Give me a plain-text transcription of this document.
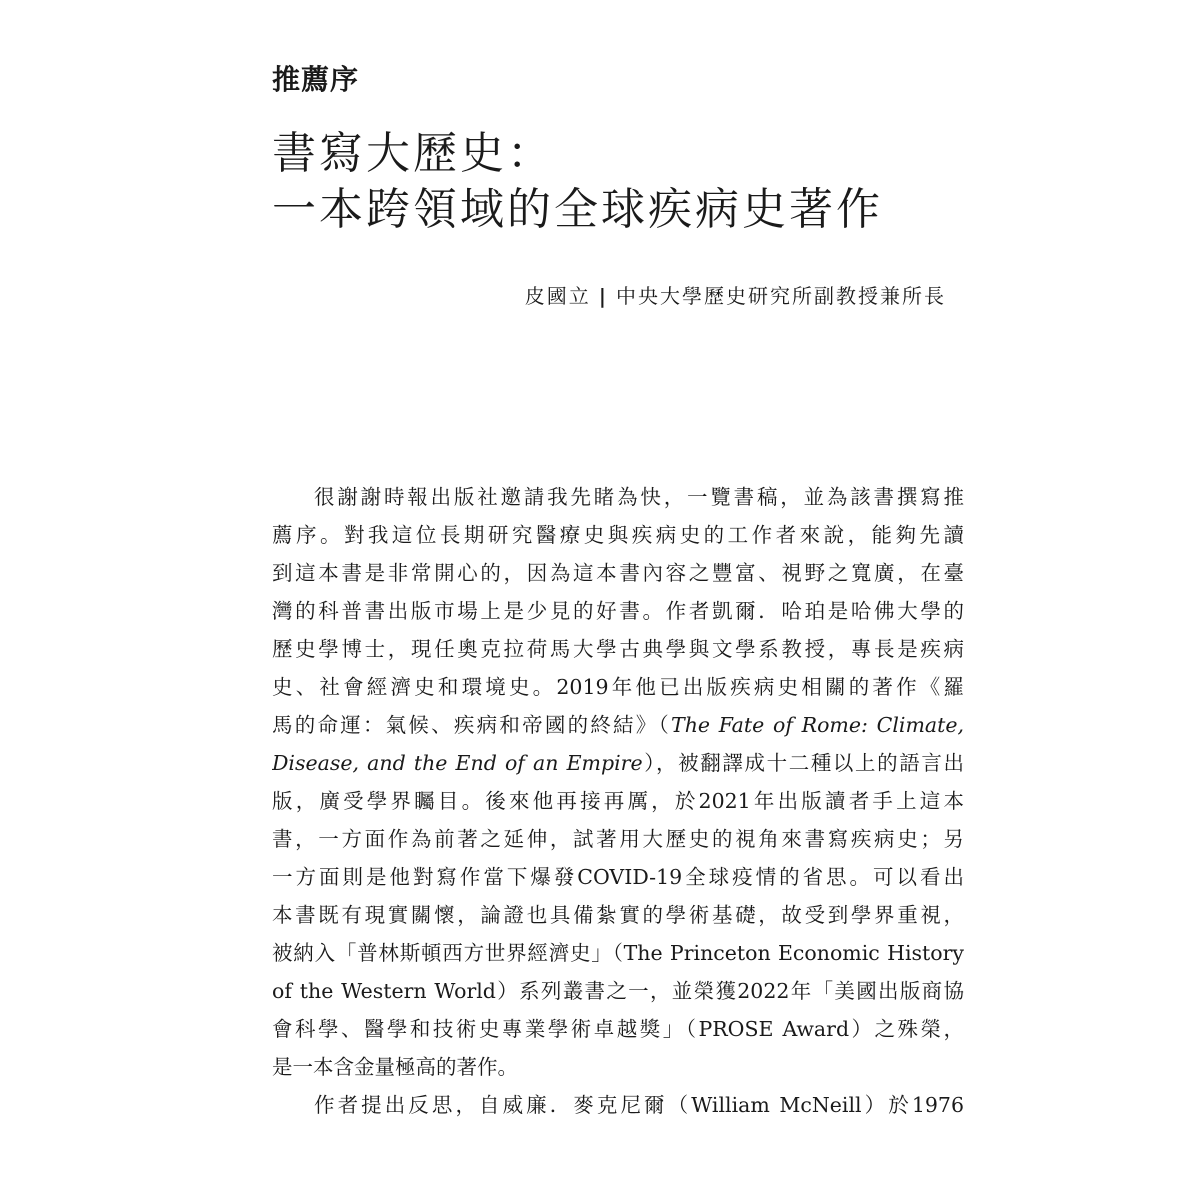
推薦序
書寫大歷史：
一本跨領域的全球疾病史著作

皮國立 | 中央大學歷史研究所副教授兼所長

很謝謝時報出版社邀請我先睹為快，一覽書稿，並為該書撰寫推
薦序。對我這位長期研究醫療史與疾病史的工作者來說，能夠先讀
到這本書是非常開心的，因為這本書內容之豐富、視野之寬廣，在臺
灣的科普書出版市場上是少見的好書。作者凱爾．哈珀是哈佛大學的
歷史學博士，現任奧克拉荷馬大學古典學與文學系教授，專長是疾病
史、社會經濟史和環境史。2019年他已出版疾病史相關的著作《羅
馬的命運：氣候、疾病和帝國的終結》（The Fate of Rome: Climate,
Disease, and the End of an Empire），被翻譯成十二種以上的語言出
版，廣受學界矚目。後來他再接再厲，於2021年出版讀者手上這本
書，一方面作為前著之延伸，試著用大歷史的視角來書寫疾病史；另
一方面則是他對寫作當下爆發COVID-19全球疫情的省思。可以看出
本書既有現實關懷，論證也具備紮實的學術基礎，故受到學界重視，
被納入「普林斯頓西方世界經濟史」（The Princeton Economic History
of the Western World）系列叢書之一，並榮獲2022年「美國出版商協
會科學、醫學和技術史專業學術卓越獎」（PROSE Award）之殊榮，
是一本含金量極高的著作。
作者提出反思，自威廉．麥克尼爾（William McNeill）於1976
